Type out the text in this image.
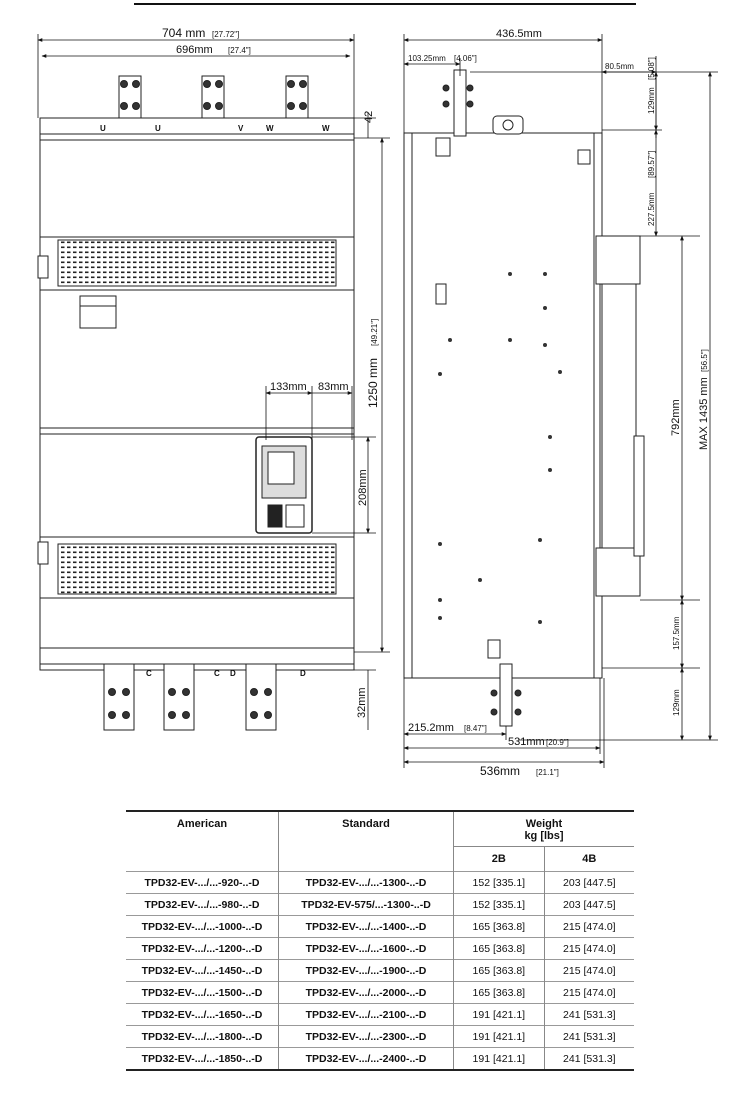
U	U	V	W	W
C	C D	D
704 mm [27.72"]
696mm [27.4"]
42
1250 mm
[49.21"]
133mm 83mm
208mm
32mm
436.5mm
103.25mm [4.06"]
80.5mm
129mm
[5.08"]
227.5mm
[89.57"]
792mm MAX 1435 mm
[56.5"]
157.5mm
129mm
215.2mm [8.47"]
531mm [20.9"]
536mm [21.1"]
American	Standard	Weight
kg [lbs]	

		2B	4B
TPD32-EV-.../...-920-..-D	TPD32-EV-.../...-1300-..-D	152 [335.1]	203 [447.5]
TPD32-EV-.../...-980-..-D	TPD32-EV-575/...-1300-..-D	152 [335.1]	203 [447.5]
TPD32-EV-.../...-1000-..-D	TPD32-EV-.../...-1400-..-D	165 [363.8]	215 [474.0]
TPD32-EV-.../...-1200-..-D	TPD32-EV-.../...-1600-..-D	165 [363.8]	215 [474.0]
TPD32-EV-.../...-1450-..-D	TPD32-EV-.../...-1900-..-D	165 [363.8]	215 [474.0]
TPD32-EV-.../...-1500-..-D	TPD32-EV-.../...-2000-..-D	165 [363.8]	215 [474.0]
TPD32-EV-.../...-1650-..-D	TPD32-EV-.../...-2100-..-D	191 [421.1]	241 [531.3]
TPD32-EV-.../...-1800-..-D	TPD32-EV-.../...-2300-..-D	191 [421.1]	241 [531.3]
TPD32-EV-.../...-1850-..-D	TPD32-EV-.../...-2400-..-D	191 [421.1]	241 [531.3]
